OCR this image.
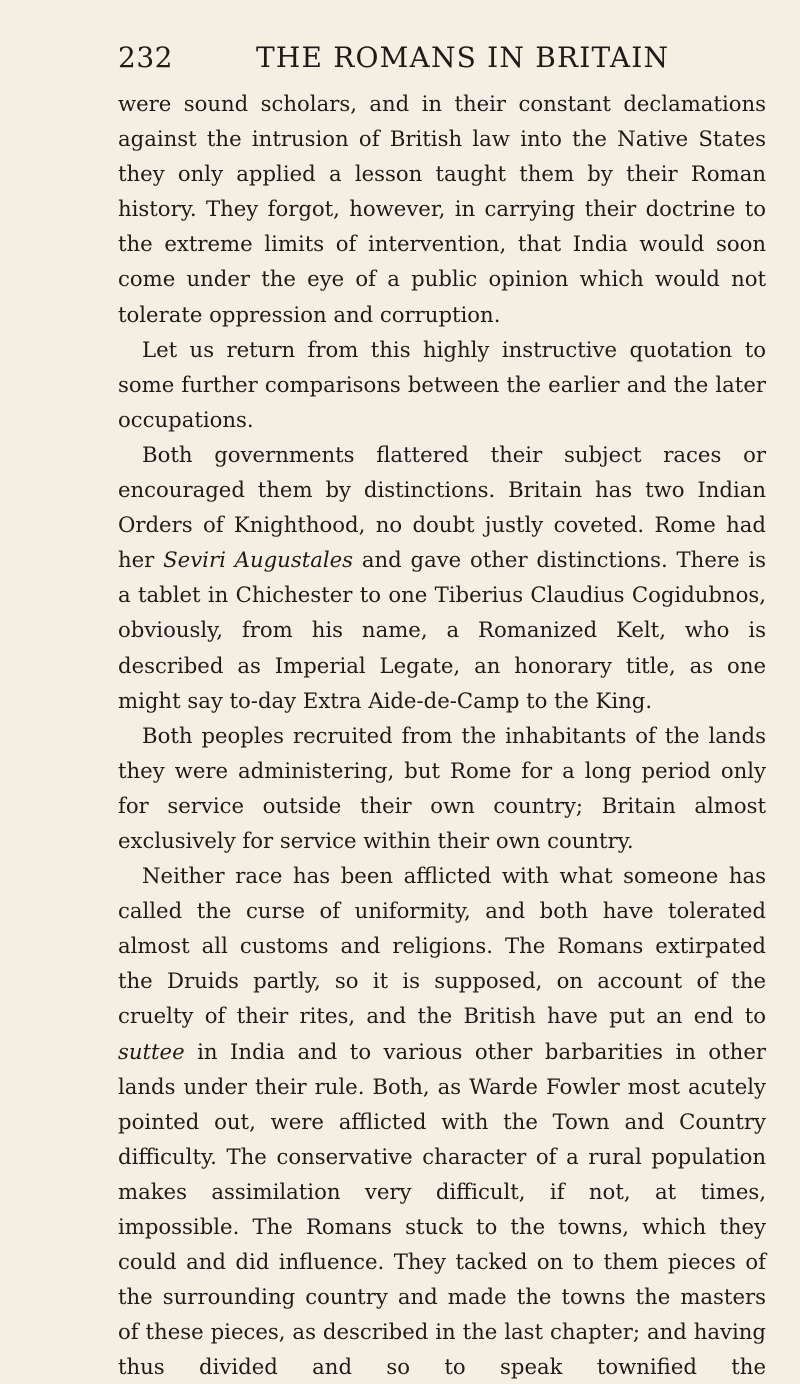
232	THE ROMANS IN BRITAIN

were sound scholars, and in their constant declamations against the intrusion of British law into the Native States they only applied a lesson taught them by their Roman history. They forgot, however, in carrying their doctrine to the extreme limits of intervention, that India would soon come under the eye of a public opinion which would not tolerate oppression and corruption.

Let us return from this highly instructive quotation to some further comparisons between the earlier and the later occupations.

Both governments flattered their subject races or encouraged them by distinctions. Britain has two Indian Orders of Knighthood, no doubt justly coveted. Rome had her Seviri Augustales and gave other distinctions. There is a tablet in Chichester to one Tiberius Claudius Cogidubnos, obviously, from his name, a Romanized Kelt, who is described as Imperial Legate, an honorary title, as one might say to-day Extra Aide-de-Camp to the King.

Both peoples recruited from the inhabitants of the lands they were administering, but Rome for a long period only for service outside their own country; Britain almost exclusively for service within their own country.

Neither race has been afflicted with what someone has called the curse of uniformity, and both have tolerated almost all customs and religions. The Romans extirpated the Druids partly, so it is supposed, on account of the cruelty of their rites, and the British have put an end to suttee in India and to various other barbarities in other lands under their rule. Both, as Warde Fowler most acutely pointed out, were afflicted with the Town and Country difficulty. The conservative character of a rural population makes assimilation very difficult, if not, at times, impossible. The Romans stuck to the towns, which they could and did influence. They tacked on to them pieces of the surrounding country and made the towns the masters of these pieces, as described in the last chapter; and having thus divided and so to speak townified the
